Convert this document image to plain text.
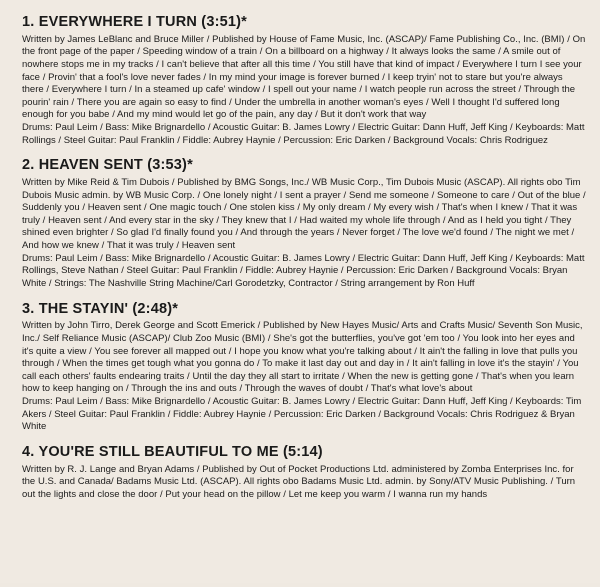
1. EVERYWHERE I TURN (3:51)*
Written by James LeBlanc and Bruce Miller / Published by House of Fame Music, Inc. (ASCAP)/ Fame Publishing Co., Inc. (BMI) / On the front page of the paper / Speeding window of a train / On a billboard on a highway / It always looks the same / A smile out of nowhere stops me in my tracks / I can't believe that after all this time / You still have that kind of impact / Everywhere I turn I see your face / Provin' that a fool's love never fades / In my mind your image is forever burned / I keep tryin' not to stare but you're always there / Everywhere I turn / In a steamed up cafe' window / I spell out your name / I watch people run across the street / Through the pourin' rain / There you are again so easy to find / Under the umbrella in another woman's eyes / Well I thought I'd suffered long enough for you babe / And my mind would let go of the pain, any day / But it don't work that way
Drums: Paul Leim / Bass: Mike Brignardello / Acoustic Guitar: B. James Lowry / Electric Guitar: Dann Huff, Jeff King / Keyboards: Matt Rollings / Steel Guitar: Paul Franklin / Fiddle: Aubrey Haynie / Percussion: Eric Darken / Background Vocals: Chris Rodriguez
2. HEAVEN SENT (3:53)*
Written by Mike Reid & Tim Dubois / Published by BMG Songs, Inc./ WB Music Corp., Tim Dubois Music (ASCAP). All rights obo Tim Dubois Music admin. by WB Music Corp. / One lonely night / I sent a prayer / Send me someone / Someone to care / Out of the blue / Suddenly you / Heaven sent / One magic touch / One stolen kiss / My only dream / My every wish / That's when I knew / That it was truly / Heaven sent / And every star in the sky / They knew that I / Had waited my whole life through / And as I held you tight / They shined even brighter / So glad I'd finally found you / And through the years / Never forget / The love we'd found / The night we met / And how we knew / That it was truly / Heaven sent
Drums: Paul Leim / Bass: Mike Brignardello / Acoustic Guitar: B. James Lowry / Electric Guitar: Dann Huff, Jeff King / Keyboards: Matt Rollings, Steve Nathan / Steel Guitar: Paul Franklin / Fiddle: Aubrey Haynie / Percussion: Eric Darken / Background Vocals: Bryan White / Strings: The Nashville String Machine/Carl Gorodetzky, Contractor / String arrangement by Ron Huff
3. THE STAYIN' (2:48)*
Written by John Tirro, Derek George and Scott Emerick / Published by New Hayes Music/ Arts and Crafts Music/ Seventh Son Music, Inc./ Self Reliance Music (ASCAP)/ Club Zoo Music (BMI) / She's got the butterflies, you've got 'em too / You look into her eyes and it's quite a view / You see forever all mapped out / I hope you know what you're talking about / It ain't the falling in love that pulls you through / When the times get tough what you gonna do / To make it last day out and day in / It ain't falling in love it's the stayin' / You call each others' faults endearing traits / Until the day they all start to irritate / When the new is getting gone / That's when you learn how to keep hanging on / Through the ins and outs / Through the waves of doubt / That's what love's about
Drums: Paul Leim / Bass: Mike Brignardello / Acoustic Guitar: B. James Lowry / Electric Guitar: Dann Huff, Jeff King / Keyboards: Tim Akers / Steel Guitar: Paul Franklin / Fiddle: Aubrey Haynie / Percussion: Eric Darken / Background Vocals: Chris Rodriguez & Bryan White
4. YOU'RE STILL BEAUTIFUL TO ME (5:14)
Written by R. J. Lange and Bryan Adams / Published by Out of Pocket Productions Ltd. administered by Zomba Enterprises Inc. for the U.S. and Canada/ Badams Music Ltd. (ASCAP). All rights obo Badams Music Ltd. admin. by Sony/ATV Music Publishing. / Turn out the lights and close the door / Put your head on the pillow / Let me keep you warm / I wanna run my hands
